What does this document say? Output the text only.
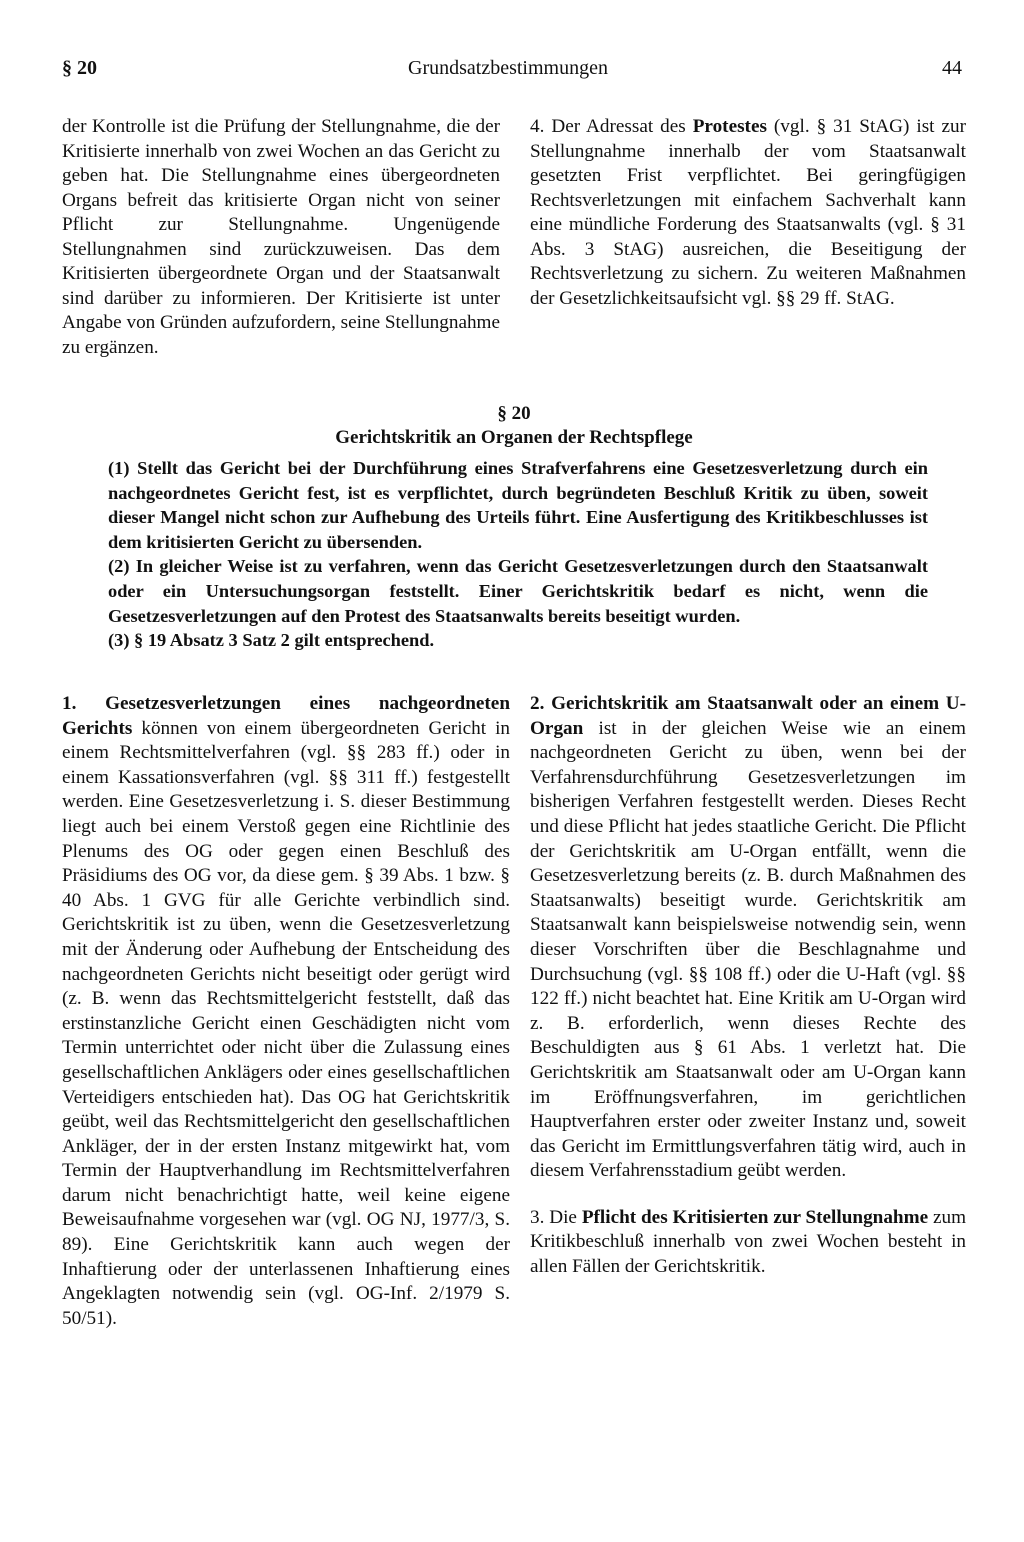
§ 20	Grundsatzbestimmungen	44

der Kontrolle ist die Prüfung der Stellungnahme, die der Kritisierte innerhalb von zwei Wochen an das Gericht zu geben hat. Die Stellungnahme eines übergeordneten Organs befreit das kritisierte Organ nicht von seiner Pflicht zur Stellungnahme. Ungenügende Stellungnahmen sind zurückzuweisen. Das dem Kritisierten übergeordnete Organ und der Staatsanwalt sind darüber zu informieren. Der Kritisierte ist unter Angabe von Gründen aufzufordern, seine Stellungnahme zu ergänzen.

4. Der Adressat des Protestes (vgl. § 31 StAG) ist zur Stellungnahme innerhalb der vom Staatsanwalt gesetzten Frist verpflichtet. Bei geringfügigen Rechtsverletzungen mit einfachem Sachverhalt kann eine mündliche Forderung des Staatsanwalts (vgl. § 31 Abs. 3 StAG) ausreichen, die Beseitigung der Rechtsverletzung zu sichern. Zu weiteren Maßnahmen der Gesetzlichkeitsaufsicht vgl. §§ 29 ff. StAG.

§ 20
Gerichtskritik an Organen der Rechtspflege

(1) Stellt das Gericht bei der Durchführung eines Strafverfahrens eine Gesetzesverletzung durch ein nachgeordnetes Gericht fest, ist es verpflichtet, durch begründeten Beschluß Kritik zu üben, soweit dieser Mangel nicht schon zur Aufhebung des Urteils führt. Eine Ausfertigung des Kritikbeschlusses ist dem kritisierten Gericht zu übersenden.

(2) In gleicher Weise ist zu verfahren, wenn das Gericht Gesetzesverletzungen durch den Staatsanwalt oder ein Untersuchungsorgan feststellt. Einer Gerichtskritik bedarf es nicht, wenn die Gesetzesverletzungen auf den Protest des Staatsanwalts bereits beseitigt wurden.

(3) § 19 Absatz 3 Satz 2 gilt entsprechend.

1. Gesetzesverletzungen eines nachgeordneten Gerichts können von einem übergeordneten Gericht in einem Rechtsmittelverfahren (vgl. §§ 283 ff.) oder in einem Kassationsverfahren (vgl. §§ 311 ff.) festgestellt werden. Eine Gesetzesverletzung i. S. dieser Bestimmung liegt auch bei einem Verstoß gegen eine Richtlinie des Plenums des OG oder gegen einen Beschluß des Präsidiums des OG vor, da diese gem. § 39 Abs. 1 bzw. § 40 Abs. 1 GVG für alle Gerichte verbindlich sind. Gerichtskritik ist zu üben, wenn die Gesetzesverletzung mit der Änderung oder Aufhebung der Entscheidung des nachgeordneten Gerichts nicht beseitigt oder gerügt wird (z. B. wenn das Rechtsmittelgericht feststellt, daß das erstinstanzliche Gericht einen Geschädigten nicht vom Termin unterrichtet oder nicht über die Zulassung eines gesellschaftlichen Anklägers oder eines gesellschaftlichen Verteidigers entschieden hat). Das OG hat Gerichtskritik geübt, weil das Rechtsmittelgericht den gesellschaftlichen Ankläger, der in der ersten Instanz mitgewirkt hat, vom Termin der Hauptverhandlung im Rechtsmittelverfahren darum nicht benachrichtigt hatte, weil keine eigene Beweisaufnahme vorgesehen war (vgl. OG NJ, 1977/3, S. 89). Eine Gerichtskritik kann auch wegen der Inhaftierung oder der unterlassenen Inhaftierung eines Angeklagten notwendig sein (vgl. OG-Inf. 2/1979 S. 50/51).

2. Gerichtskritik am Staatsanwalt oder an einem U-Organ ist in der gleichen Weise wie an einem nachgeordneten Gericht zu üben, wenn bei der Verfahrensdurchführung Gesetzesverletzungen im bisherigen Verfahren festgestellt werden. Dieses Recht und diese Pflicht hat jedes staatliche Gericht. Die Pflicht der Gerichtskritik am U-Organ entfällt, wenn die Gesetzesverletzung bereits (z. B. durch Maßnahmen des Staatsanwalts) beseitigt wurde. Gerichtskritik am Staatsanwalt kann beispielsweise notwendig sein, wenn dieser Vorschriften über die Beschlagnahme und Durchsuchung (vgl. §§ 108 ff.) oder die U-Haft (vgl. §§ 122 ff.) nicht beachtet hat. Eine Kritik am U-Organ wird z. B. erforderlich, wenn dieses Rechte des Beschuldigten aus § 61 Abs. 1 verletzt hat. Die Gerichtskritik am Staatsanwalt oder am U-Organ kann im Eröffnungsverfahren, im gerichtlichen Hauptverfahren erster oder zweiter Instanz und, soweit das Gericht im Ermittlungsverfahren tätig wird, auch in diesem Verfahrensstadium geübt werden.

3. Die Pflicht des Kritisierten zur Stellungnahme zum Kritikbeschluß innerhalb von zwei Wochen besteht in allen Fällen der Gerichtskritik.
